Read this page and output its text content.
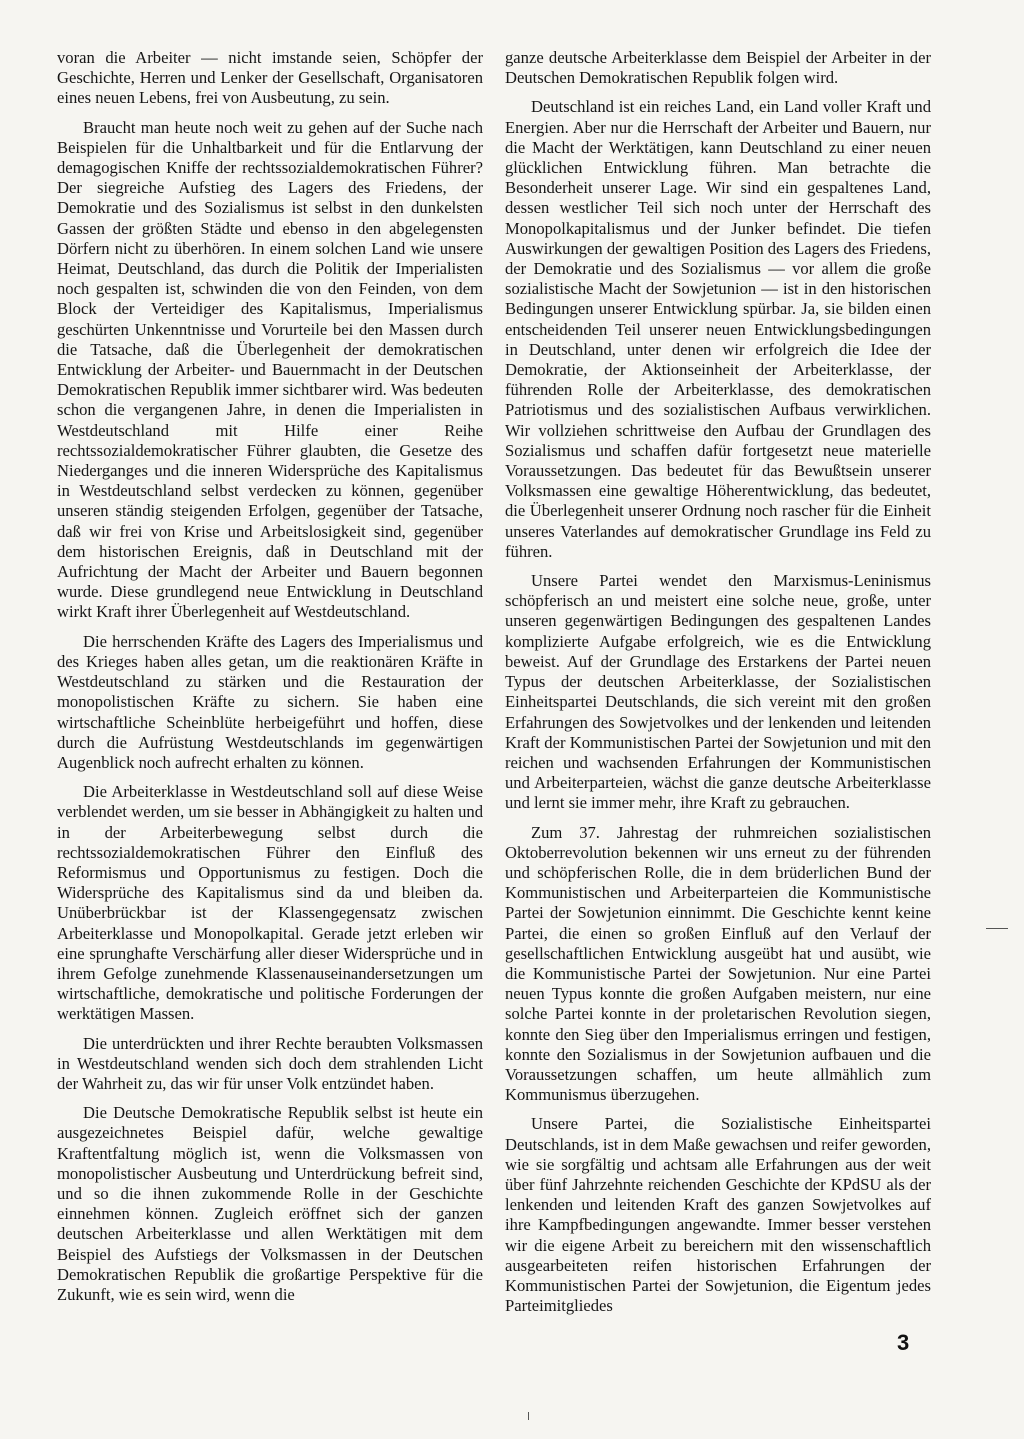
voran die Arbeiter — nicht imstande seien, Schöpfer der Geschichte, Herren und Lenker der Gesellschaft, Organisatoren eines neuen Lebens, frei von Ausbeutung, zu sein.

Braucht man heute noch weit zu gehen auf der Suche nach Beispielen für die Unhaltbarkeit und für die Entlarvung der demagogischen Kniffe der rechtssozialdemokratischen Führer? Der siegreiche Aufstieg des Lagers des Friedens, der Demokratie und des Sozialismus ist selbst in den dunkelsten Gassen der größten Städte und ebenso in den abgelegensten Dörfern nicht zu überhören. In einem solchen Land wie unsere Heimat, Deutschland, das durch die Politik der Imperialisten noch gespalten ist, schwinden die von den Feinden, von dem Block der Verteidiger des Kapitalismus, Imperialismus geschürten Unkenntnisse und Vorurteile bei den Massen durch die Tatsache, daß die Überlegenheit der demokratischen Entwicklung der Arbeiter- und Bauernmacht in der Deutschen Demokratischen Republik immer sichtbarer wird. Was bedeuten schon die vergangenen Jahre, in denen die Imperialisten in Westdeutschland mit Hilfe einer Reihe rechtssozialdemokratischer Führer glaubten, die Gesetze des Niederganges und die inneren Widersprüche des Kapitalismus in Westdeutschland selbst verdecken zu können, gegenüber unseren ständig steigenden Erfolgen, gegenüber der Tatsache, daß wir frei von Krise und Arbeitslosigkeit sind, gegenüber dem historischen Ereignis, daß in Deutschland mit der Aufrichtung der Macht der Arbeiter und Bauern begonnen wurde. Diese grundlegend neue Entwicklung in Deutschland wirkt Kraft ihrer Überlegenheit auf Westdeutschland.

Die herrschenden Kräfte des Lagers des Imperialismus und des Krieges haben alles getan, um die reaktionären Kräfte in Westdeutschland zu stärken und die Restauration der monopolistischen Kräfte zu sichern. Sie haben eine wirtschaftliche Scheinblüte herbeigeführt und hoffen, diese durch die Aufrüstung Westdeutschlands im gegenwärtigen Augenblick noch aufrecht erhalten zu können.

Die Arbeiterklasse in Westdeutschland soll auf diese Weise verblendet werden, um sie besser in Abhängigkeit zu halten und in der Arbeiterbewegung selbst durch die rechtssozialdemokratischen Führer den Einfluß des Reformismus und Opportunismus zu festigen. Doch die Widersprüche des Kapitalismus sind da und bleiben da. Unüberbrückbar ist der Klassengegensatz zwischen Arbeiterklasse und Monopolkapital. Gerade jetzt erleben wir eine sprunghafte Verschärfung aller dieser Widersprüche und in ihrem Gefolge zunehmende Klassenauseinandersetzungen um wirtschaftliche, demokratische und politische Forderungen der werktätigen Massen.

Die unterdrückten und ihrer Rechte beraubten Volksmassen in Westdeutschland wenden sich doch dem strahlenden Licht der Wahrheit zu, das wir für unser Volk entzündet haben.

Die Deutsche Demokratische Republik selbst ist heute ein ausgezeichnetes Beispiel dafür, welche gewaltige Kraftentfaltung möglich ist, wenn die Volksmassen von monopolistischer Ausbeutung und Unterdrückung befreit sind, und so die ihnen zukommende Rolle in der Geschichte einnehmen können. Zugleich eröffnet sich der ganzen deutschen Arbeiterklasse und allen Werktätigen mit dem Beispiel des Aufstiegs der Volksmassen in der Deutschen Demokratischen Republik die großartige Perspektive für die Zukunft, wie es sein wird, wenn die

ganze deutsche Arbeiterklasse dem Beispiel der Arbeiter in der Deutschen Demokratischen Republik folgen wird.

Deutschland ist ein reiches Land, ein Land voller Kraft und Energien. Aber nur die Herrschaft der Arbeiter und Bauern, nur die Macht der Werktätigen, kann Deutschland zu einer neuen glücklichen Entwicklung führen. Man betrachte die Besonderheit unserer Lage. Wir sind ein gespaltenes Land, dessen westlicher Teil sich noch unter der Herrschaft des Monopolkapitalismus und der Junker befindet. Die tiefen Auswirkungen der gewaltigen Position des Lagers des Friedens, der Demokratie und des Sozialismus — vor allem die große sozialistische Macht der Sowjetunion — ist in den historischen Bedingungen unserer Entwicklung spürbar. Ja, sie bilden einen entscheidenden Teil unserer neuen Entwicklungsbedingungen in Deutschland, unter denen wir erfolgreich die Idee der Demokratie, der Aktionseinheit der Arbeiterklasse, der führenden Rolle der Arbeiterklasse, des demokratischen Patriotismus und des sozialistischen Aufbaus verwirklichen. Wir vollziehen schrittweise den Aufbau der Grundlagen des Sozialismus und schaffen dafür fortgesetzt neue materielle Voraussetzungen. Das bedeutet für das Bewußtsein unserer Volksmassen eine gewaltige Höherentwicklung, das bedeutet, die Überlegenheit unserer Ordnung noch rascher für die Einheit unseres Vaterlandes auf demokratischer Grundlage ins Feld zu führen.

Unsere Partei wendet den Marxismus-Leninismus schöpferisch an und meistert eine solche neue, große, unter unseren gegenwärtigen Bedingungen des gespaltenen Landes komplizierte Aufgabe erfolgreich, wie es die Entwicklung beweist. Auf der Grundlage des Erstarkens der Partei neuen Typus der deutschen Arbeiterklasse, der Sozialistischen Einheitspartei Deutschlands, die sich vereint mit den großen Erfahrungen des Sowjetvolkes und der lenkenden und leitenden Kraft der Kommunistischen Partei der Sowjetunion und mit den reichen und wachsenden Erfahrungen der Kommunistischen und Arbeiterparteien, wächst die ganze deutsche Arbeiterklasse und lernt sie immer mehr, ihre Kraft zu gebrauchen.

Zum 37. Jahrestag der ruhmreichen sozialistischen Oktoberrevolution bekennen wir uns erneut zu der führenden und schöpferischen Rolle, die in dem brüderlichen Bund der Kommunistischen und Arbeiterparteien die Kommunistische Partei der Sowjetunion einnimmt. Die Geschichte kennt keine Partei, die einen so großen Einfluß auf den Verlauf der gesellschaftlichen Entwicklung ausgeübt hat und ausübt, wie die Kommunistische Partei der Sowjetunion. Nur eine Partei neuen Typus konnte die großen Aufgaben meistern, nur eine solche Partei konnte in der proletarischen Revolution siegen, konnte den Sieg über den Imperialismus erringen und festigen, konnte den Sozialismus in der Sowjetunion aufbauen und die Voraussetzungen schaffen, um heute allmählich zum Kommunismus überzugehen.

Unsere Partei, die Sozialistische Einheitspartei Deutschlands, ist in dem Maße gewachsen und reifer geworden, wie sie sorgfältig und achtsam alle Erfahrungen aus der weit über fünf Jahrzehnte reichenden Geschichte der KPdSU als der lenkenden und leitenden Kraft des ganzen Sowjetvolkes auf ihre Kampfbedingungen angewandte. Immer besser verstehen wir die eigene Arbeit zu bereichern mit den wissenschaftlich ausgearbeiteten reifen historischen Erfahrungen der Kommunistischen Partei der Sowjetunion, die Eigentum jedes Parteimitgliedes

3
